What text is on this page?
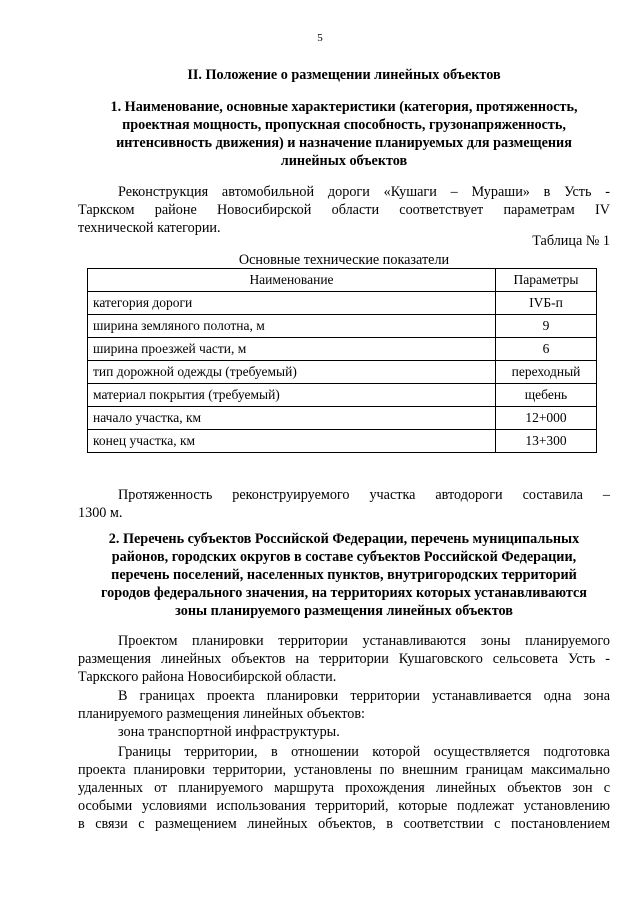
5
II. Положение о размещении линейных объектов
1. Наименование, основные характеристики (категория, протяженность,
проектная мощность, пропускная способность, грузонапряженность,
интенсивность движения) и назначение планируемых для размещения
линейных объектов
Реконструкция автомобильной дороги «Кушаги – Мураши» в Усть -
Таркском районе Новосибирской области соответствует параметрам IV
технической категории.
Таблица № 1
Основные технические показатели
Наименование	Параметры
категория дороги	IVБ-п
ширина земляного полотна, м	9
ширина проезжей части, м	6
тип дорожной одежды (требуемый)	переходный
материал покрытия (требуемый)	щебень
начало участка, км	12+000
конец участка, км	13+300
Протяженность реконструируемого участка автодороги составила –
1300 м.
2. Перечень субъектов Российской Федерации, перечень муниципальных
районов, городских округов в составе субъектов Российской Федерации,
перечень поселений, населенных пунктов, внутригородских территорий
городов федерального значения, на территориях которых устанавливаются
зоны планируемого размещения линейных объектов
Проектом планировки территории устанавливаются зоны планируемого
размещения линейных объектов на территории Кушаговского сельсовета Усть -
Таркского района Новосибирской области.
В границах проекта планировки территории устанавливается одна зона
планируемого размещения линейных объектов:
зона транспортной инфраструктуры.
Границы территории, в отношении которой осуществляется подготовка
проекта планировки территории, установлены по внешним границам максимально
удаленных от планируемого маршрута прохождения линейных объектов зон с
особыми условиями использования территорий, которые подлежат установлению
в связи с размещением линейных объектов, в соответствии с постановлением
